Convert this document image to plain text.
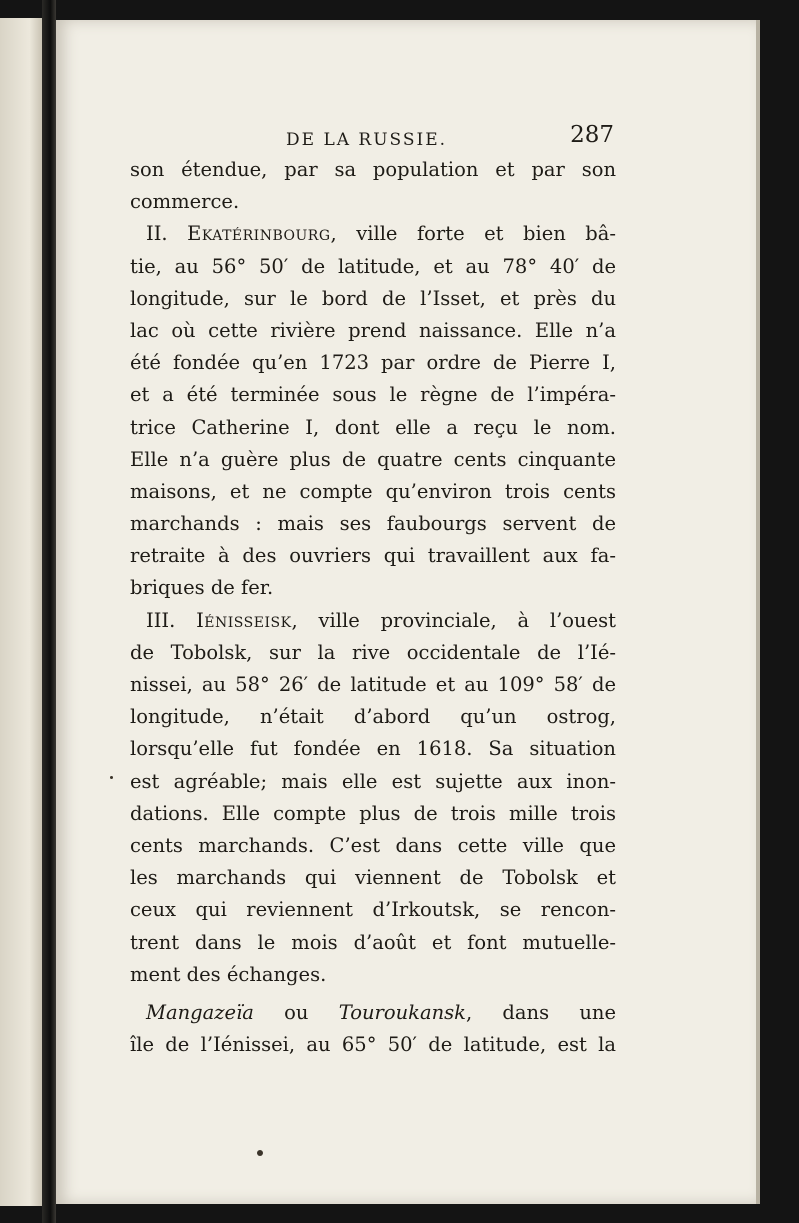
DE LA RUSSIE.	287
son étendue, par sa population et par son
commerce.
II. Ekatérinbourg, ville forte et bien bâ-
tie, au 56° 50′ de latitude, et au 78° 40′ de
longitude, sur le bord de l’Isset, et près du
lac où cette rivière prend naissance. Elle n’a
été fondée qu’en 1723 par ordre de Pierre I,
et a été terminée sous le règne de l’impéra-
trice Catherine I, dont elle a reçu le nom.
Elle n’a guère plus de quatre cents cinquante
maisons, et ne compte qu’environ trois cents
marchands : mais ses faubourgs servent de
retraite à des ouvriers qui travaillent aux fa-
briques de fer.
III. Iénisseisk, ville provinciale, à l’ouest
de Tobolsk, sur la rive occidentale de l’Ié-
nissei, au 58° 26′ de latitude et au 109° 58′ de
longitude, n’était d’abord qu’un ostrog,
lorsqu’elle fut fondée en 1618. Sa situation
est agréable; mais elle est sujette aux inon-
dations. Elle compte plus de trois mille trois
cents marchands. C’est dans cette ville que
les marchands qui viennent de Tobolsk et
ceux qui reviennent d’Irkoutsk, se rencon-
trent dans le mois d’août et font mutuelle-
ment des échanges.
Mangazeïa ou Touroukansk, dans une
île de l’Iénissei, au 65° 50′ de latitude, est la
